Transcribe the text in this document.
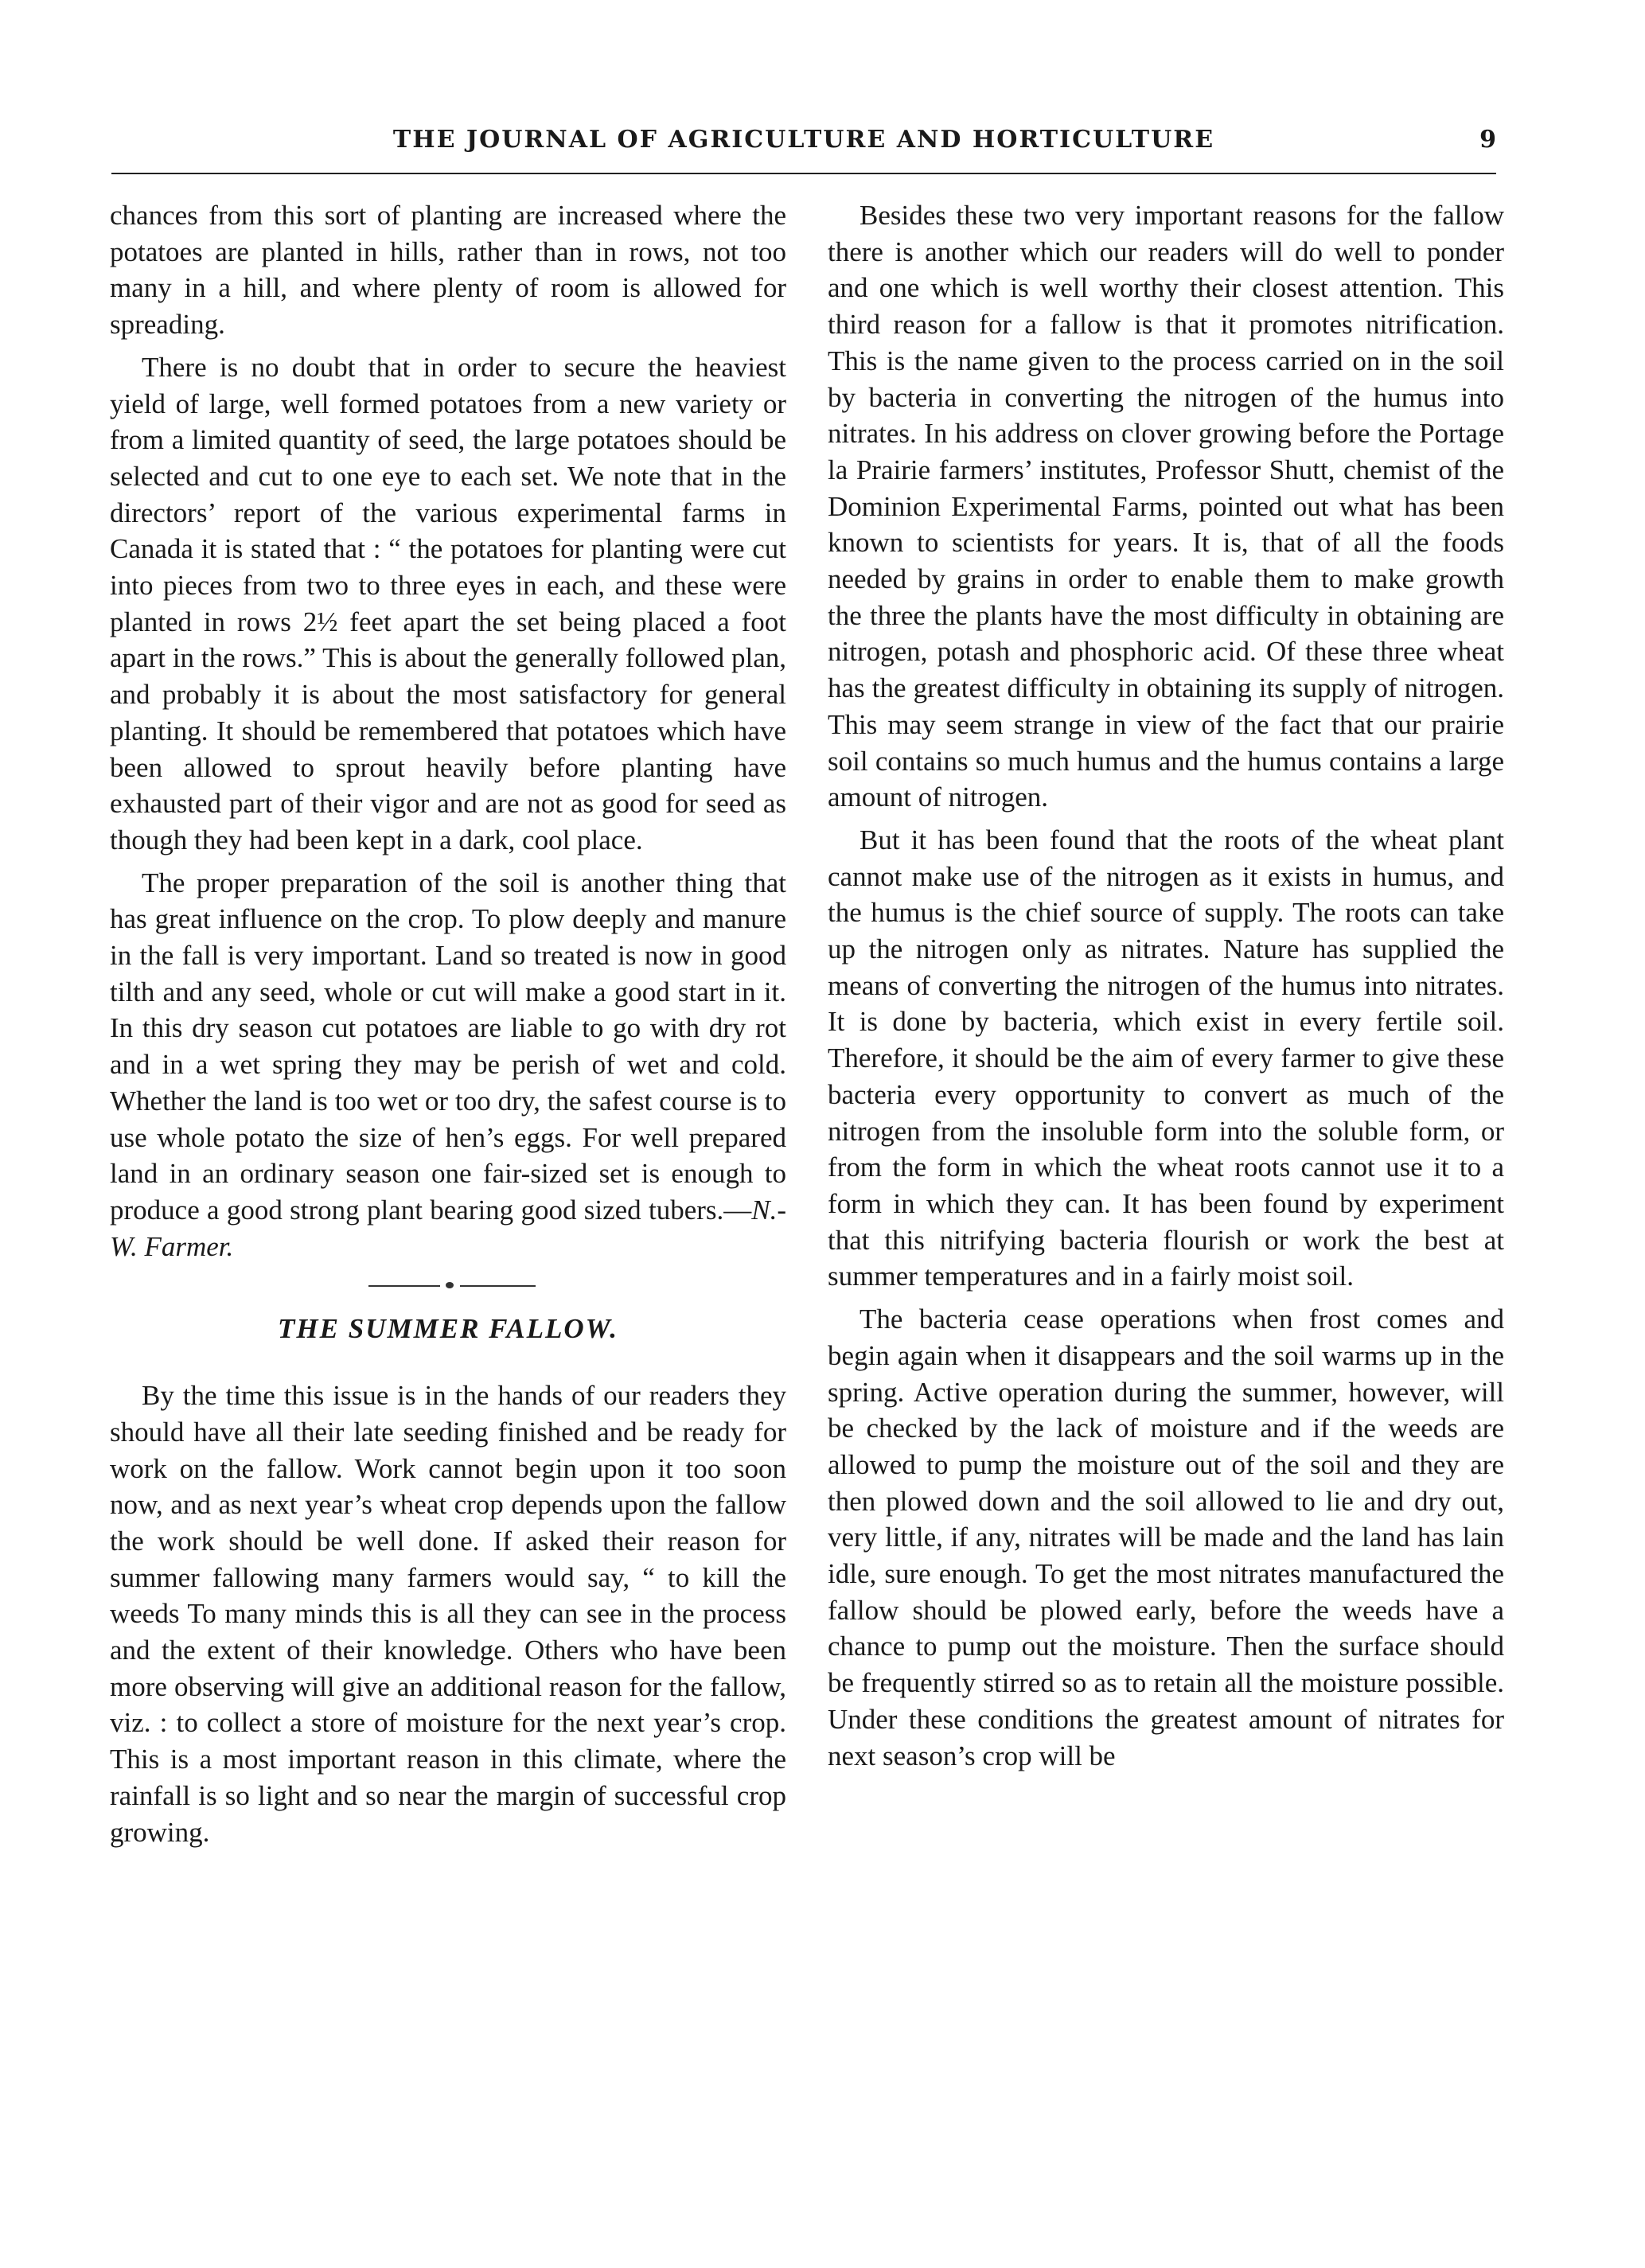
THE JOURNAL OF AGRICULTURE AND HORTICULTURE	9

chances from this sort of planting are increased where the potatoes are planted in hills, rather than in rows, not too many in a hill, and where plenty of room is allowed for spreading.

There is no doubt that in order to secure the heaviest yield of large, well formed potatoes from a new variety or from a limited quantity of seed, the large potatoes should be selected and cut to one eye to each set. We note that in the directors’ report of the various experimental farms in Canada it is stated that : “ the potatoes for planting were cut into pieces from two to three eyes in each, and these were planted in rows 2½ feet apart the set being placed a foot apart in the rows.” This is about the generally followed plan, and probably it is about the most satisfactory for general planting. It should be remembered that potatoes which have been allowed to sprout heavily before planting have exhausted part of their vigor and are not as good for seed as though they had been kept in a dark, cool place.

The proper preparation of the soil is another thing that has great influence on the crop. To plow deeply and manure in the fall is very important. Land so treated is now in good tilth and any seed, whole or cut will make a good start in it. In this dry season cut potatoes are liable to go with dry rot and in a wet spring they may be perish of wet and cold. Whether the land is too wet or too dry, the safest course is to use whole potato the size of hen’s eggs. For well prepared land in an ordinary season one fair-sized set is enough to produce a good strong plant bearing good sized tubers.—N.-W. Farmer.

THE SUMMER FALLOW.

By the time this issue is in the hands of our readers they should have all their late seeding finished and be ready for work on the fallow. Work cannot begin upon it too soon now, and as next year’s wheat crop depends upon the fallow the work should be well done. If asked their reason for summer fallowing many farmers would say, “ to kill the weeds To many minds this is all they can see in the process and the extent of their knowledge. Others who have been more observing will give an additional reason for the fallow, viz. : to collect a store of moisture for the next year’s crop. This is a most important reason in this climate, where the rainfall is so light and so near the margin of successful crop growing.

Besides these two very important reasons for the fallow there is another which our readers will do well to ponder and one which is well worthy their closest attention. This third reason for a fallow is that it promotes nitrification. This is the name given to the process carried on in the soil by bacteria in converting the nitrogen of the humus into nitrates. In his address on clover growing before the Portage la Prairie farmers’ institutes, Professor Shutt, chemist of the Dominion Experimental Farms, pointed out what has been known to scientists for years. It is, that of all the foods needed by grains in order to enable them to make growth the three the plants have the most difficulty in obtaining are nitrogen, potash and phosphoric acid. Of these three wheat has the greatest difficulty in obtaining its supply of nitrogen. This may seem strange in view of the fact that our prairie soil contains so much humus and the humus contains a large amount of nitrogen.

But it has been found that the roots of the wheat plant cannot make use of the nitrogen as it exists in humus, and the humus is the chief source of supply. The roots can take up the nitrogen only as nitrates. Nature has supplied the means of converting the nitrogen of the humus into nitrates. It is done by bacteria, which exist in every fertile soil. Therefore, it should be the aim of every farmer to give these bacteria every opportunity to convert as much of the nitrogen from the insoluble form into the soluble form, or from the form in which the wheat roots cannot use it to a form in which they can. It has been found by experiment that this nitrifying bacteria flourish or work the best at summer temperatures and in a fairly moist soil.

The bacteria cease operations when frost comes and begin again when it disappears and the soil warms up in the spring. Active operation during the summer, however, will be checked by the lack of moisture and if the weeds are allowed to pump the moisture out of the soil and they are then plowed down and the soil allowed to lie and dry out, very little, if any, nitrates will be made and the land has lain idle, sure enough. To get the most nitrates manufactured the fallow should be plowed early, before the weeds have a chance to pump out the moisture. Then the surface should be frequently stirred so as to retain all the moisture possible. Under these conditions the greatest amount of nitrates for next season’s crop will be
